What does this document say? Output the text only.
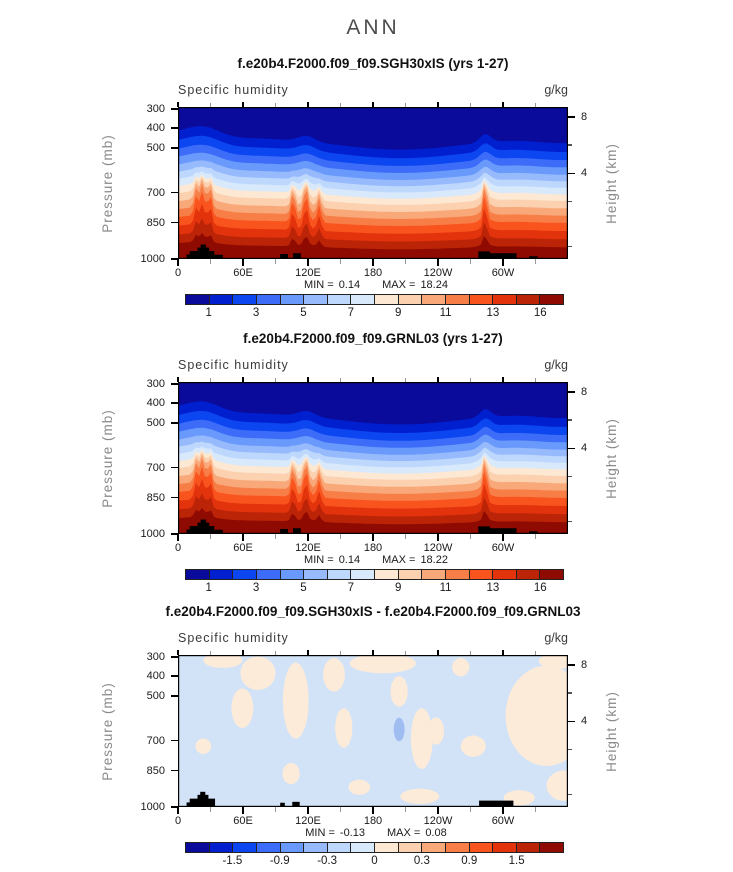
ANN
f.e20b4.F2000.f09_f09.SGH30xIS (yrs 1-27)
Specific humidity	g/kg
Pressure (mb)	Height (km)
300
400
500
700
850
1000
8
4
0	60E	120E	180	120W	60W
MIN = 0.14 MAX = 18.24
1	3	5	7	9	11	13	16
f.e20b4.F2000.f09_f09.GRNL03 (yrs 1-27)
Specific humidity	g/kg
Pressure (mb)	Height (km)
300
400
500
700
850
1000
8
4
0	60E	120E	180	120W	60W
MIN = 0.14 MAX = 18.22
1	3	5	7	9	11	13	16
f.e20b4.F2000.f09_f09.SGH30xIS - f.e20b4.F2000.f09_f09.GRNL03
Specific humidity	g/kg
Pressure (mb)	Height (km)
300
400
500
700
850
1000
8
4
0	60E	120E	180	120W	60W
MIN = -0.13 MAX = 0.08
-1.5 -0.9 -0.3	0	0.3	0.9	1.5
